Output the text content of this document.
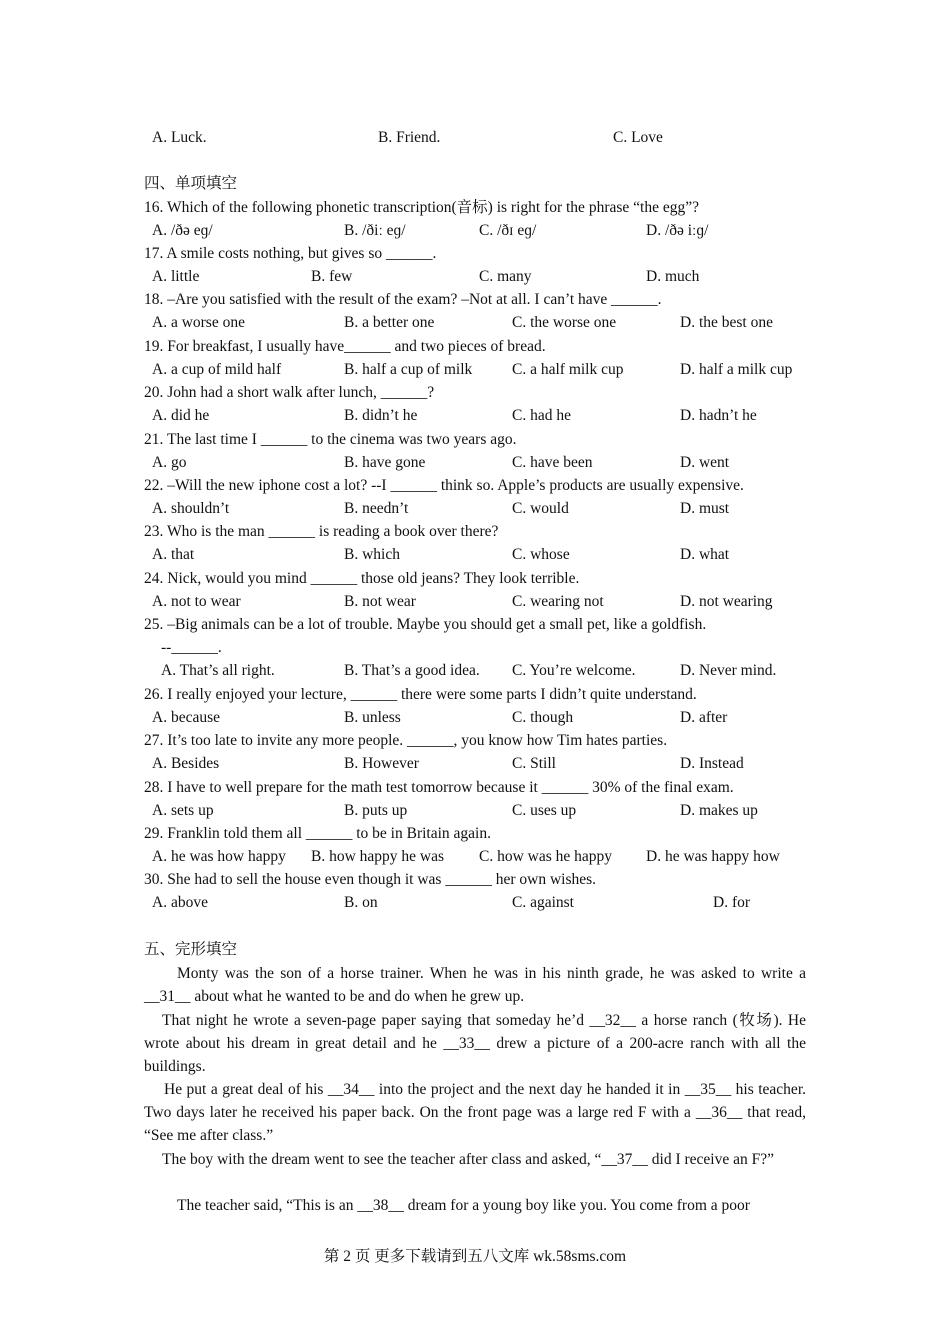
A. Luck.	B. Friend.	C. Love
四、单项填空
16. Which of the following phonetic transcription(音标) is right for the phrase “the egg”?
A. /ðə eɡ/	B. /ðiː eɡ/	C. /ðɪ eɡ/	D. /ðə iːɡ/
17. A smile costs nothing, but gives so ______.
A. little	B. few	C. many	D. much
18. –Are you satisfied with the result of the exam? –Not at all. I can’t have ______.
A. a worse one	B. a better one	C. the worse one	D. the best one
19. For breakfast, I usually have______ and two pieces of bread.
A. a cup of mild half	B. half a cup of milk	C. a half milk cup	D. half a milk cup
20. John had a short walk after lunch, ______?
A. did he	B. didn’t he	C. had he	D. hadn’t he
21. The last time I ______ to the cinema was two years ago.
A. go	B. have gone	C. have been	D. went
22. –Will the new iphone cost a lot? --I ______ think so. Apple’s products are usually expensive.
A. shouldn’t	B. needn’t	C. would	D. must
23. Who is the man ______ is reading a book over there?
A. that	B. which	C. whose	D. what
24. Nick, would you mind ______ those old jeans? They look terrible.
A. not to wear	B. not wear	C. wearing not	D. not wearing
25. –Big animals can be a lot of trouble. Maybe you should get a small pet, like a goldfish.
--______.
A. That’s all right.	B. That’s a good idea. C. You’re welcome.	D. Never mind.
26. I really enjoyed your lecture, ______ there were some parts I didn’t quite understand.
A. because	B. unless	C. though	D. after
27. It’s too late to invite any more people. ______, you know how Tim hates parties.
A. Besides	B. However	C. Still	D. Instead
28. I have to well prepare for the math test tomorrow because it ______ 30% of the final exam.
A. sets up	B. puts up	C. uses up	D. makes up
29. Franklin told them all ______ to be in Britain again.
A. he was how happy B. how happy he was C. how was he happy D. he was happy how
30. She had to sell the house even though it was ______ her own wishes.
A. above	B. on	C. against	D. for
五、完形填空
Monty was the son of a horse trainer. When he was in his ninth grade, he was asked to write a __31__ about what he wanted to be and do when he grew up.
That night he wrote a seven-page paper saying that someday he’d __32__ a horse ranch (牧场). He wrote about his dream in great detail and he __33__ drew a picture of a 200-acre ranch with all the buildings.
He put a great deal of his __34__ into the project and the next day he handed it in __35__ his teacher. Two days later he received his paper back. On the front page was a large red F with a __36__ that read, “See me after class.”
The boy with the dream went to see the teacher after class and asked, “__37__ did I receive an F?”
The teacher said, “This is an __38__ dream for a young boy like you. You come from a poor
第 2 页 更多下载请到五八文库 wk.58sms.com
